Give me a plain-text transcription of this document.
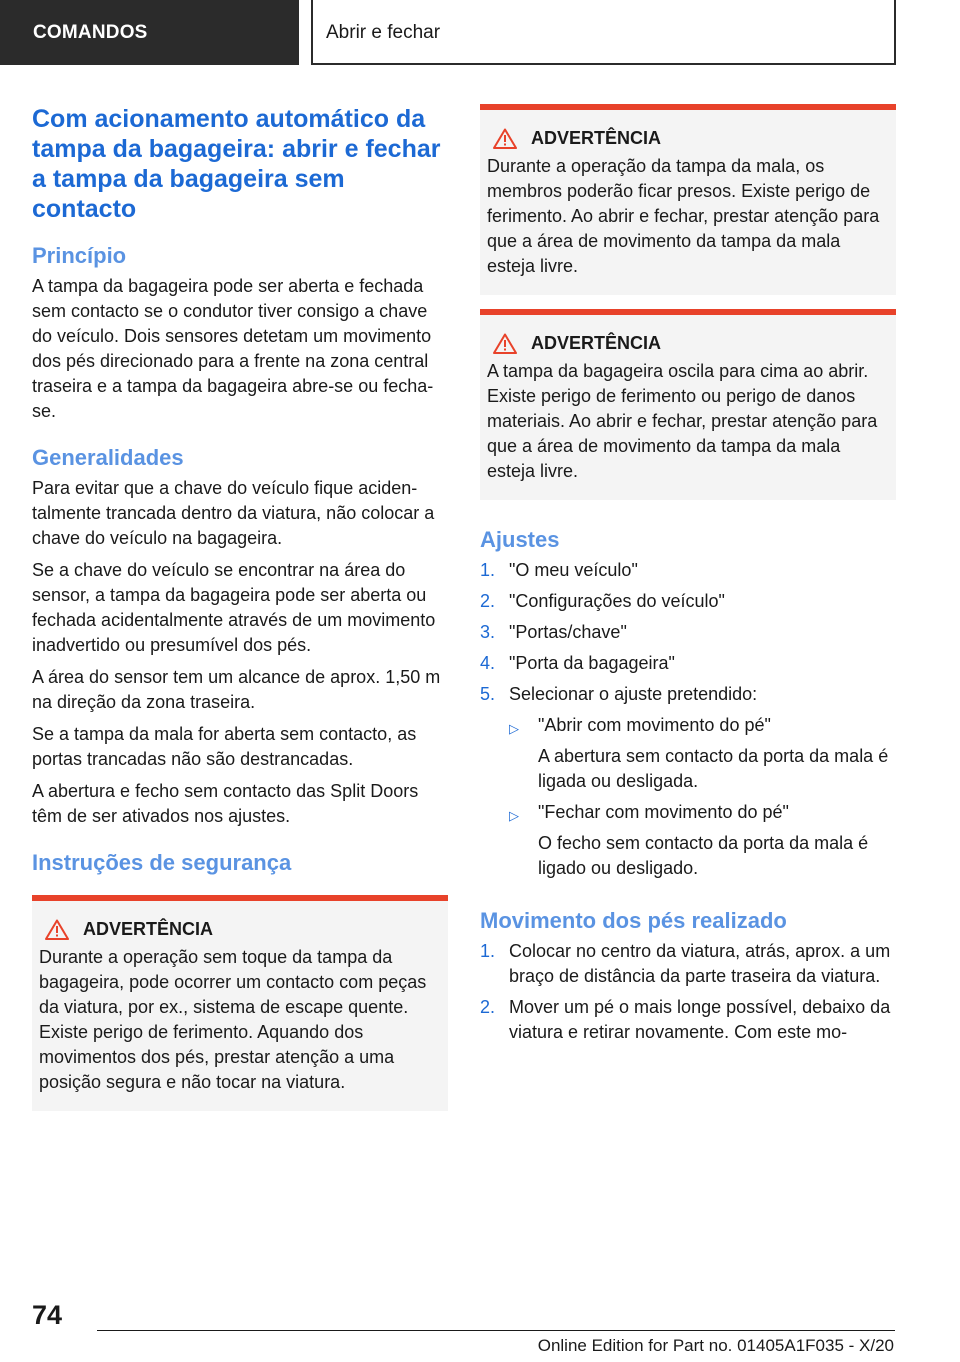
COMANDOS	Abrir e fechar
Com acionamento automático da tampa da bagageira: abrir e fechar a tampa da bagageira sem contacto
Princípio
A tampa da bagageira pode ser aberta e fechada sem contacto se o condutor tiver consigo a chave do veículo. Dois sensores detetam um movimento dos pés direcionado para a frente na zona central traseira e a tampa da bagageira abre-se ou fecha-se.
Generalidades
Para evitar que a chave do veículo fique acidentalmente trancada dentro da viatura, não colocar a chave do veículo na bagageira.
Se a chave do veículo se encontrar na área do sensor, a tampa da bagageira pode ser aberta ou fechada acidentalmente através de um movimento inadvertido ou presumível dos pés.
A área do sensor tem um alcance de aprox. 1,50 m na direção da zona traseira.
Se a tampa da mala for aberta sem contacto, as portas trancadas não são destrancadas.
A abertura e fecho sem contacto das Split Doors têm de ser ativados nos ajustes.
Instruções de segurança
ADVERTÊNCIA
Durante a operação sem toque da tampa da bagageira, pode ocorrer um contacto com peças da viatura, por ex., sistema de escape quente. Existe perigo de ferimento. Aquando dos movimentos dos pés, prestar atenção a uma posição segura e não tocar na viatura.
ADVERTÊNCIA
Durante a operação da tampa da mala, os membros poderão ficar presos. Existe perigo de ferimento. Ao abrir e fechar, prestar atenção para que a área de movimento da tampa da mala esteja livre.
ADVERTÊNCIA
A tampa da bagageira oscila para cima ao abrir. Existe perigo de ferimento ou perigo de danos materiais. Ao abrir e fechar, prestar atenção para que a área de movimento da tampa da mala esteja livre.
Ajustes
1. "O meu veículo"
2. "Configurações do veículo"
3. "Portas/chave"
4. "Porta da bagageira"
5. Selecionar o ajuste pretendido:
▷	"Abrir com movimento do pé"
A abertura sem contacto da porta da mala é ligada ou desligada.
▷	"Fechar com movimento do pé"
O fecho sem contacto da porta da mala é ligado ou desligado.
Movimento dos pés realizado
1. Colocar no centro da viatura, atrás, aprox. a um braço de distância da parte traseira da viatura.
2. Mover um pé o mais longe possível, debaixo da viatura e retirar novamente. Com este mo-
74
Online Edition for Part no. 01405A1F035 - X/20
